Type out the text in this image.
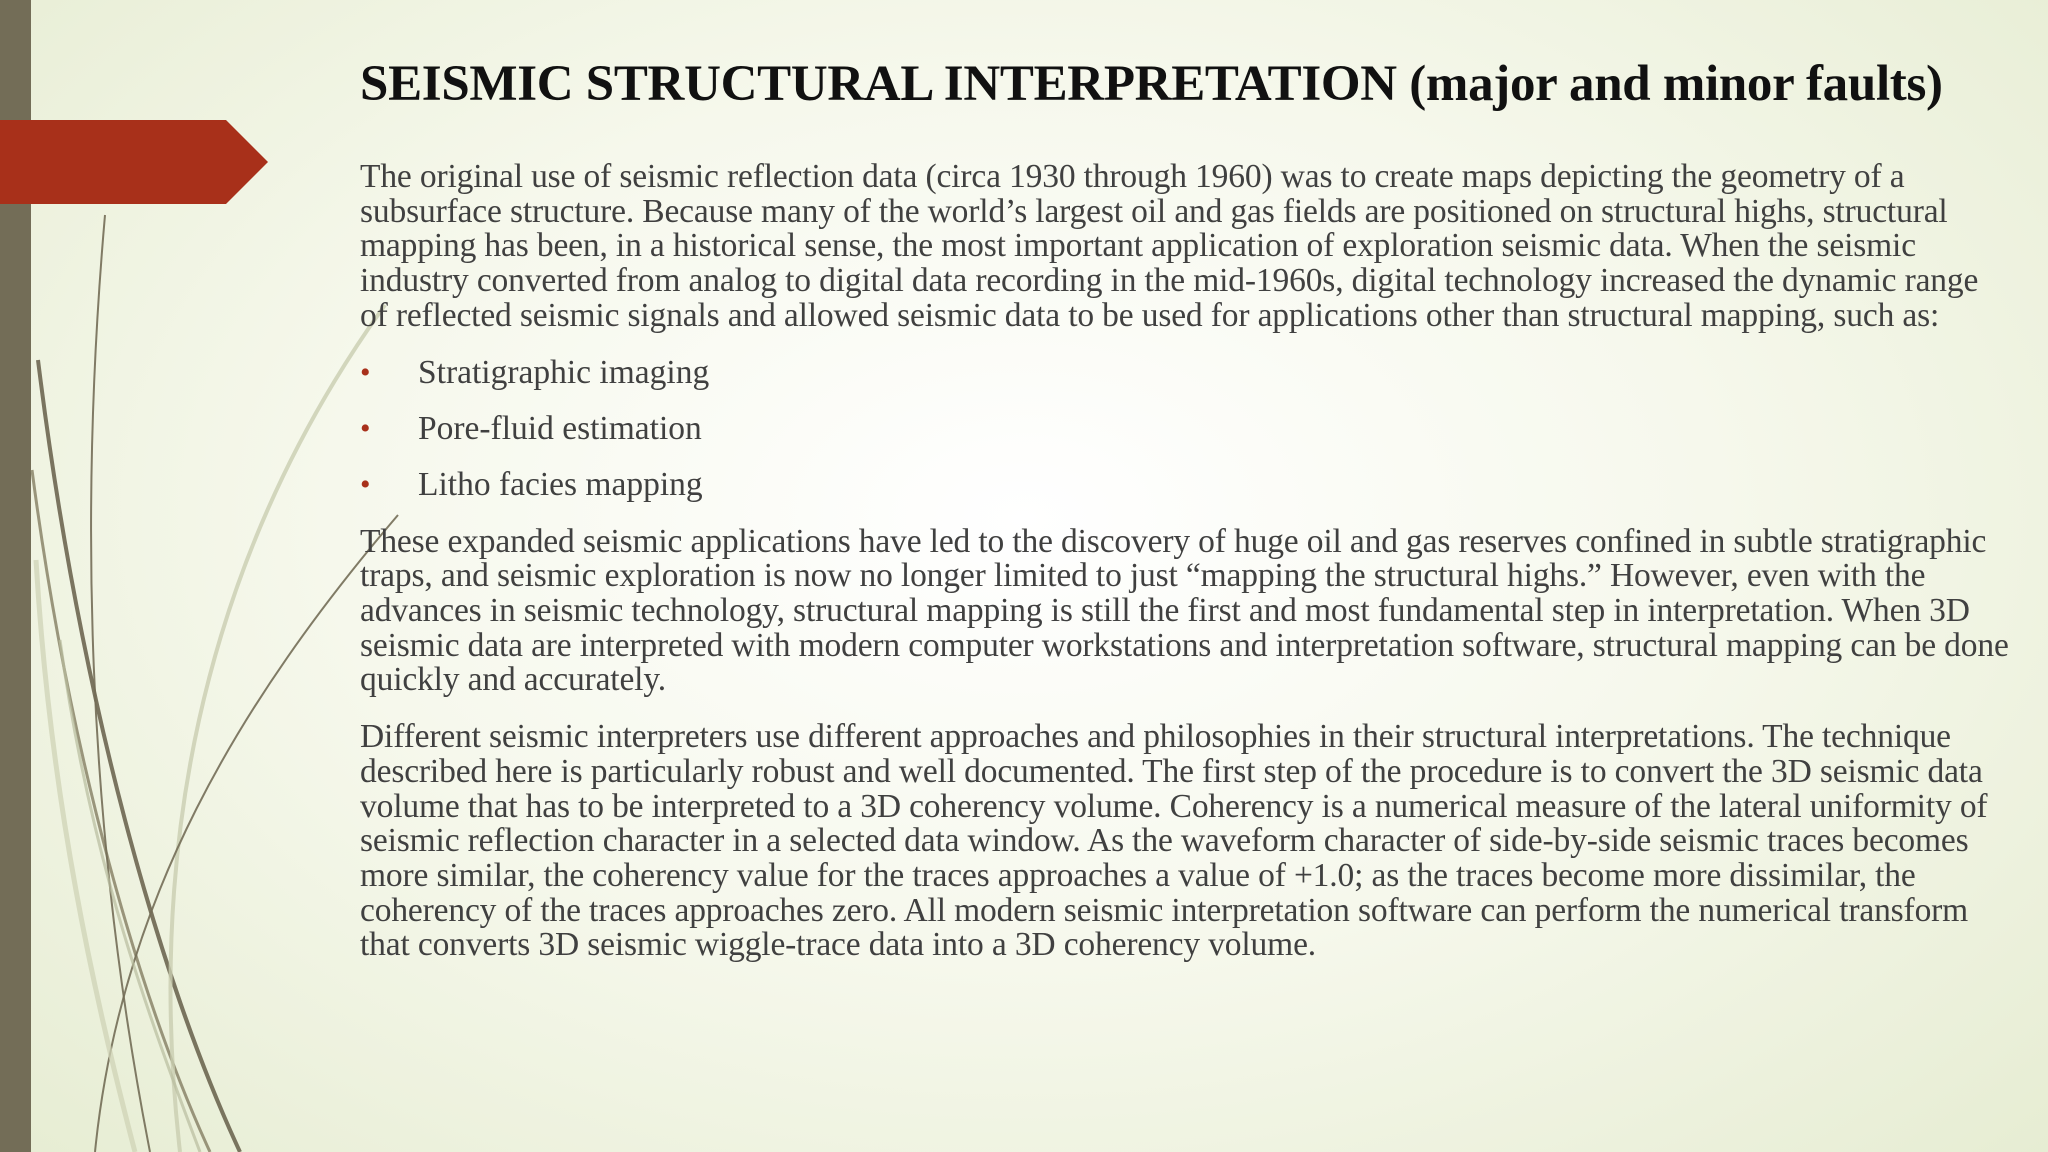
SEISMIC STRUCTURAL INTERPRETATION (major and minor faults)

The original use of seismic reflection data (circa 1930 through 1960) was to create maps depicting the geometry of a subsurface structure. Because many of the world’s largest oil and gas fields are positioned on structural highs, structural mapping has been, in a historical sense, the most important application of exploration seismic data. When the seismic industry converted from analog to digital data recording in the mid-1960s, digital technology increased the dynamic range of reflected seismic signals and allowed seismic data to be used for applications other than structural mapping, such as:

• Stratigraphic imaging
• Pore-fluid estimation
• Litho facies mapping

These expanded seismic applications have led to the discovery of huge oil and gas reserves confined in subtle stratigraphic traps, and seismic exploration is now no longer limited to just “mapping the structural highs.” However, even with the advances in seismic technology, structural mapping is still the first and most fundamental step in interpretation. When 3D seismic data are interpreted with modern computer workstations and interpretation software, structural mapping can be done quickly and accurately.

Different seismic interpreters use different approaches and philosophies in their structural interpretations. The technique described here is particularly robust and well documented. The first step of the procedure is to convert the 3D seismic data volume that has to be interpreted to a 3D coherency volume. Coherency is a numerical measure of the lateral uniformity of seismic reflection character in a selected data window. As the waveform character of side-by-side seismic traces becomes more similar, the coherency value for the traces approaches a value of +1.0; as the traces become more dissimilar, the coherency of the traces approaches zero. All modern seismic interpretation software can perform the numerical transform that converts 3D seismic wiggle-trace data into a 3D coherency volume.
